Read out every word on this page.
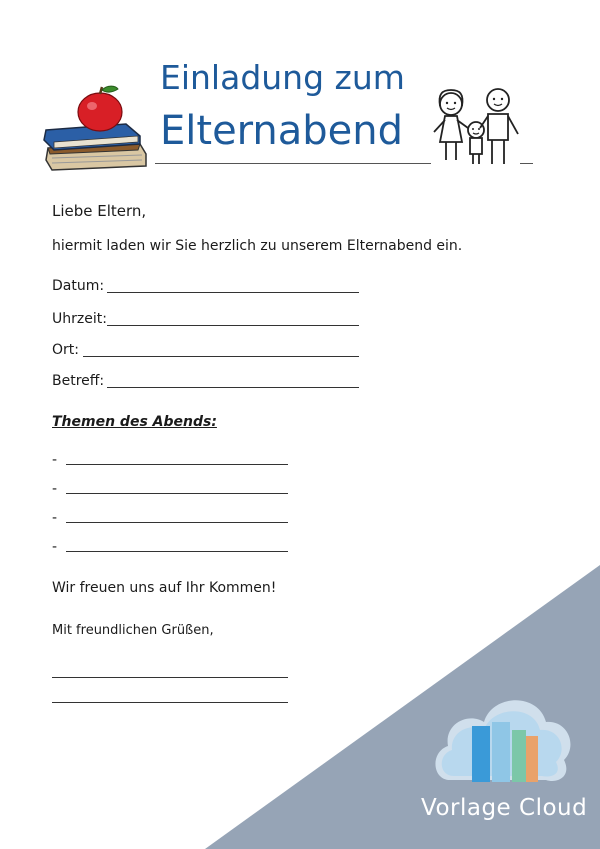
Einladung zum
Elternabend
Liebe Eltern,
hiermit laden wir Sie herzlich zu unserem Elternabend ein.
Datum:
Uhrzeit:
Ort:
Betreff:
Themen des Abends:
-
-
-
-
Wir freuen uns auf Ihr Kommen!
Mit freundlichen Grüßen,
Vorlage Cloud
